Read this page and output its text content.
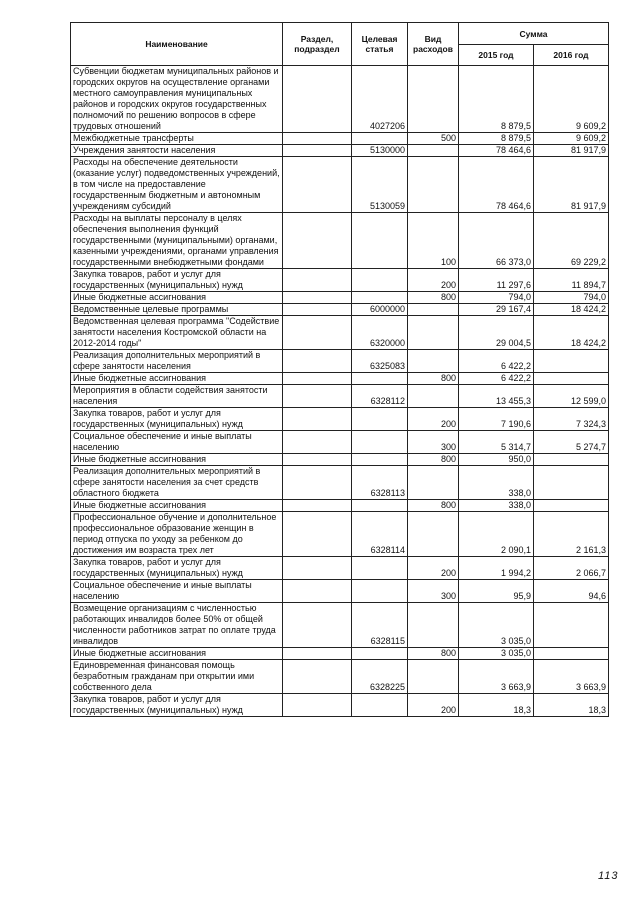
Наименование	Раздел, подраздел	Целевая статья	Вид расходов	Сумма	
				2015 год	2016 год
Субвенции бюджетам муниципальных районов и городских округов на осуществление органами местного самоуправления муниципальных районов и городских округов государственных полномочий по решению вопросов в сфере трудовых отношений		4027206		8 879,5	9 609,2
Межбюджетные трансферты			500	8 879,5	9 609,2
Учреждения занятости населения		5130000		78 464,6	81 917,9
Расходы на обеспечение деятельности (оказание услуг) подведомственных учреждений, в том числе на предоставление государственным бюджетным и автономным учреждениям субсидий		5130059		78 464,6	81 917,9
Расходы на выплаты персоналу в целях обеспечения выполнения функций государственными (муниципальными) органами, казенными учреждениями, органами управления государственными внебюджетными фондами			100	66 373,0	69 229,2
Закупка товаров, работ и услуг для государственных (муниципальных) нужд			200	11 297,6	11 894,7
Иные бюджетные ассигнования			800	794,0	794,0
Ведомственные целевые программы		6000000		29 167,4	18 424,2
Ведомственная целевая программа "Содействие занятости населения Костромской области на 2012-2014 годы"		6320000		29 004,5	18 424,2
Реализация дополнительных мероприятий в сфере занятости населения		6325083		6 422,2	
Иные бюджетные ассигнования			800	6 422,2	
Мероприятия в области содействия занятости населения		6328112		13 455,3	12 599,0
Закупка товаров, работ и услуг для государственных (муниципальных) нужд			200	7 190,6	7 324,3
Социальное обеспечение и иные выплаты населению			300	5 314,7	5 274,7
Иные бюджетные ассигнования			800	950,0	
Реализация дополнительных мероприятий в сфере занятости населения за счет средств областного бюджета		6328113		338,0	
Иные бюджетные ассигнования			800	338,0	
Профессиональное обучение и дополнительное профессиональное образование женщин в период отпуска по уходу за ребенком до достижения им возраста трех лет		6328114		2 090,1	2 161,3
Закупка товаров, работ и услуг для государственных (муниципальных) нужд			200	1 994,2	2 066,7
Социальное обеспечение и иные выплаты населению			300	95,9	94,6
Возмещение организациям с численностью работающих инвалидов более 50% от общей численности работников затрат по оплате труда инвалидов		6328115		3 035,0	
Иные бюджетные ассигнования			800	3 035,0	
Единовременная финансовая помощь безработным гражданам при открытии ими собственного дела		6328225		3 663,9	3 663,9
Закупка товаров, работ и услуг для государственных (муниципальных) нужд			200	18,3	18,3
113
